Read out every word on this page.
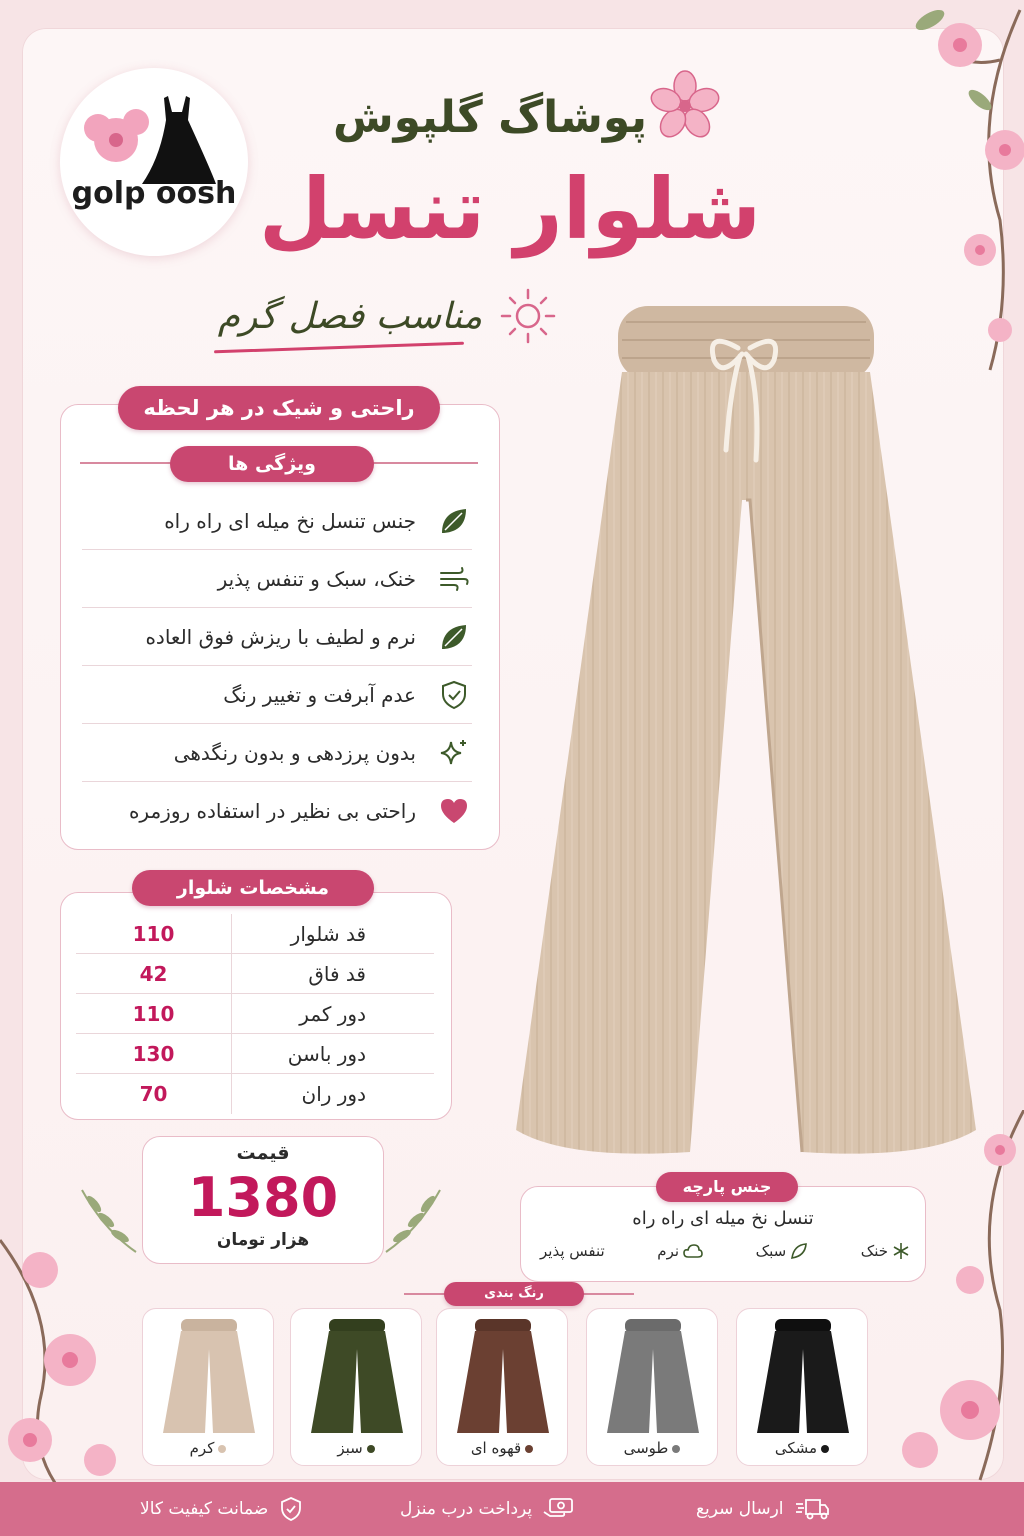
golp oosh
پوشاگ گلپوش
شلوار تنسل
مناسب فصل گرم
راحتی و شیک در هر لحظه
ویژگی ها
جنس تنسل نخ میله ای راه راه
خنک، سبک و تنفس پذیر
نرم و لطیف با ریزش فوق العاده
عدم آبرفت و تغییر رنگ
بدون پرزدهی و بدون رنگدهی
راحتی بی نظیر در استفاده روزمره
مشخصات شلوار
110	قد شلوار
42	قد فاق
110	دور کمر
130	دور باسن
70	دور ران
قیمت
1380
هزار تومان
جنس پارچه
تنسل نخ میله ای راه راه
خنک
سبک
نرم
تنفس پذیر
رنگ بندی
کرم	سبز	قهوه ای	طوسی	مشکی
ضمانت کیفیت کالا	پرداخت درب منزل	ارسال سریع
